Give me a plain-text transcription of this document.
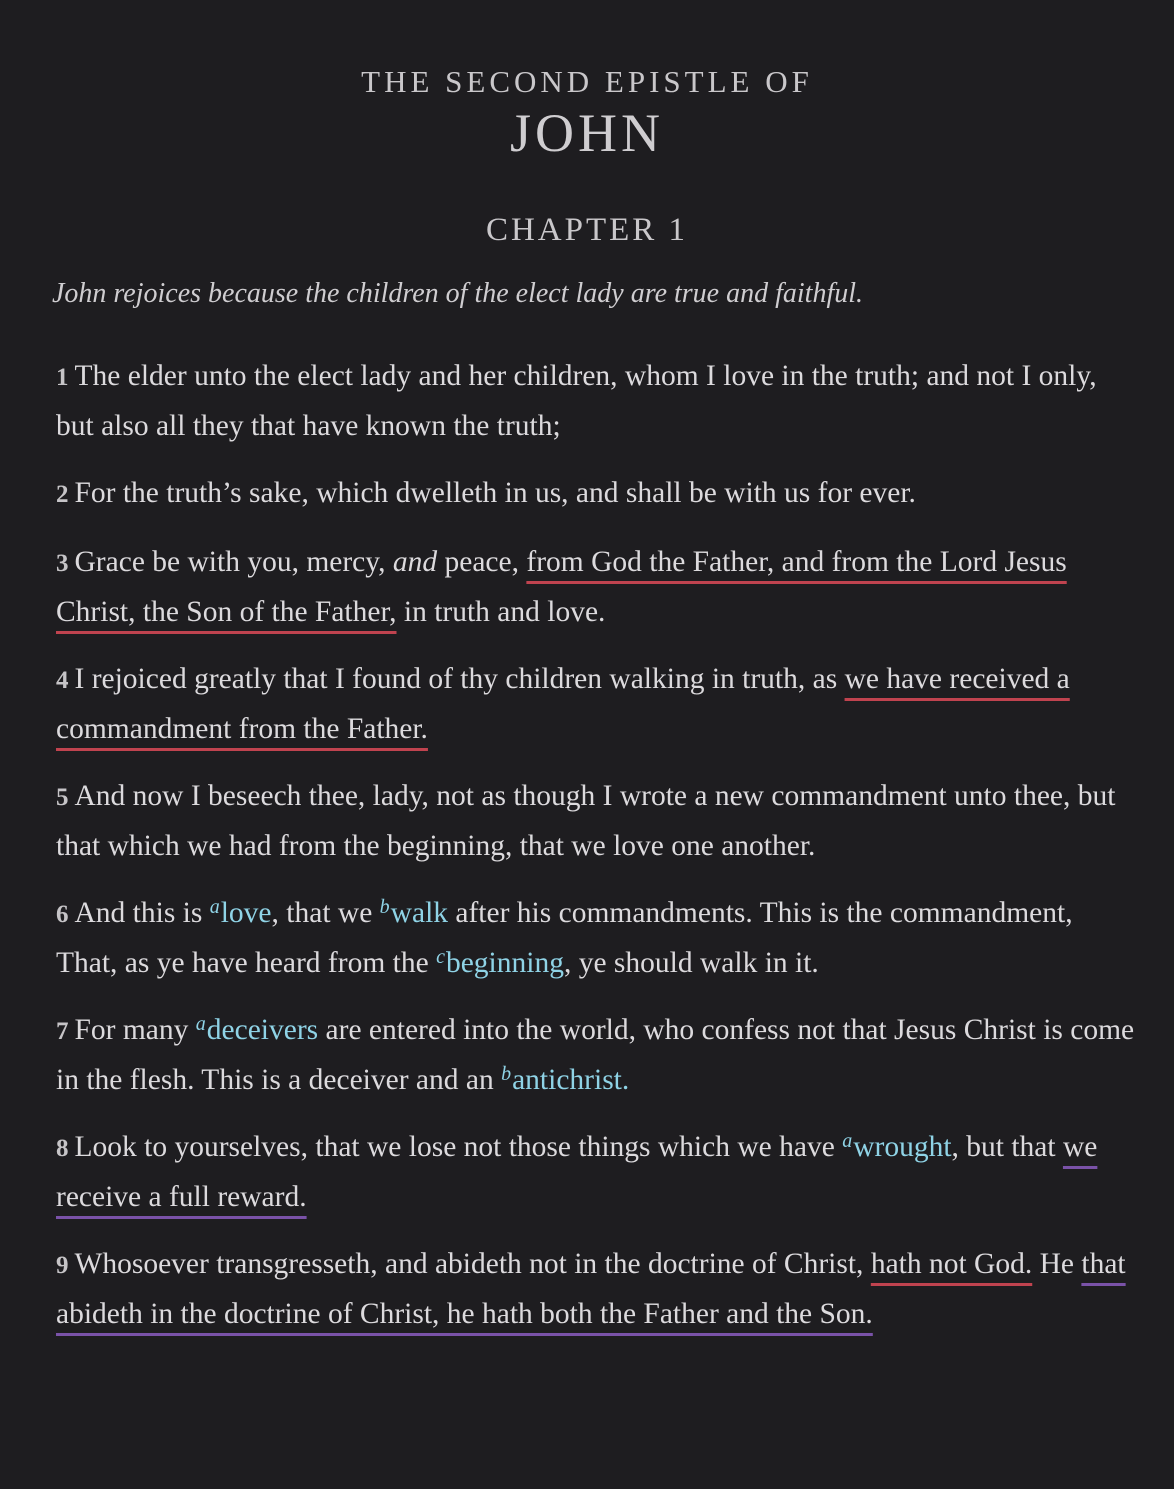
THE SECOND EPISTLE OF
JOHN
CHAPTER 1
John rejoices because the children of the elect lady are true and faithful.

1 The elder unto the elect lady and her children, whom I love in the truth; and not I only, but also all they that have known the truth;

2 For the truth’s sake, which dwelleth in us, and shall be with us for ever.

3 Grace be with you, mercy, and peace, from God the Father, and from the Lord Jesus Christ, the Son of the Father, in truth and love.

4 I rejoiced greatly that I found of thy children walking in truth, as we have received a commandment from the Father.

5 And now I beseech thee, lady, not as though I wrote a new commandment unto thee, but that which we had from the beginning, that we love one another.

6 And this is $^a$love, that we $^b$walk after his commandments. This is the commandment, That, as ye have heard from the $^c$beginning, ye should walk in it.

7 For many $^a$deceivers are entered into the world, who confess not that Jesus Christ is come in the flesh. This is a deceiver and an $^b$antichrist.

8 Look to yourselves, that we lose not those things which we have $^a$wrought, but that we receive a full reward.

9 Whosoever transgresseth, and abideth not in the doctrine of Christ, hath not God. He that abideth in the doctrine of Christ, he hath both the Father and the Son.
